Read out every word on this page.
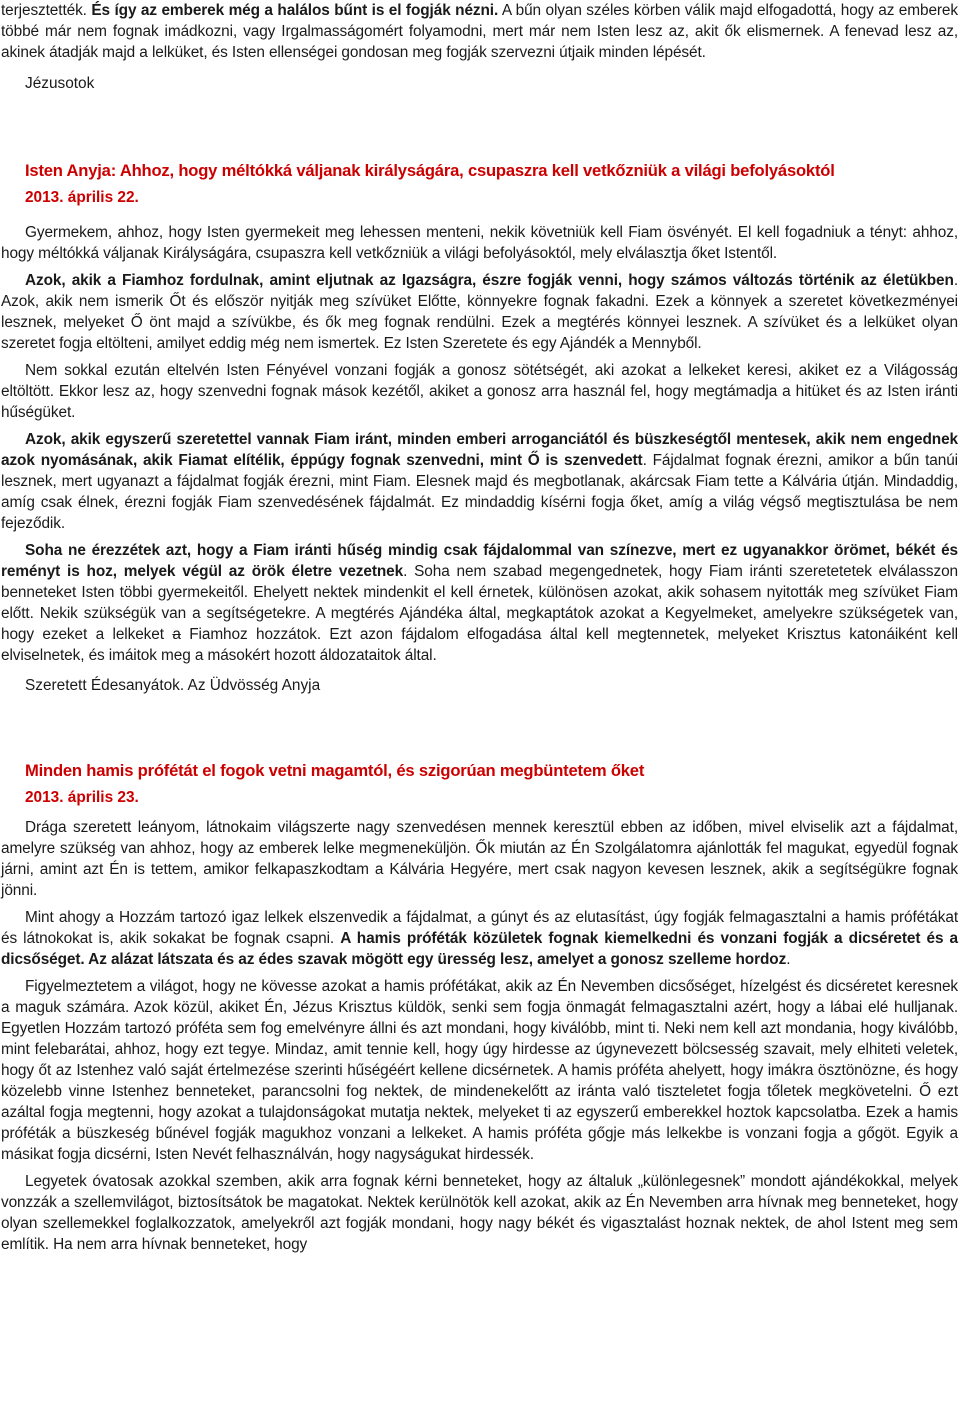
terjesztették. És így az emberek még a halálos bűnt is el fogják nézni. A bűn olyan széles körben válik majd elfogadottá, hogy az emberek többé már nem fognak imádkozni, vagy Irgalmasságomért folyamodni, mert már nem Isten lesz az, akit ők elismernek. A fenevad lesz az, akinek átadják majd a lelküket, és Isten ellenségei gondosan meg fogják szervezni útjaik minden lépését.

Jézusotok
Isten Anyja: Ahhoz, hogy méltókká váljanak királyságára, csupaszra kell vetkőzniük a világi befolyásoktól
2013. április 22.

Gyermekem, ahhoz, hogy Isten gyermekeit meg lehessen menteni, nekik követniük kell Fiam ösvényét. El kell fogadniuk a tényt: ahhoz, hogy méltókká váljanak Királyságára, csupaszra kell vetkőzniük a világi befolyásoktól, mely elválasztja őket Istentől.

Azok, akik a Fiamhoz fordulnak, amint eljutnak az Igazságra, észre fogják venni, hogy számos változás történik az életükben. Azok, akik nem ismerik Őt és először nyitják meg szívüket Előtte, könnyekre fognak fakadni. Ezek a könnyek a szeretet következményei lesznek, melyeket Ő önt majd a szívükbe, és ők meg fognak rendülni. Ezek a megtérés könnyei lesznek. A szívüket és a lelküket olyan szeretet fogja eltölteni, amilyet eddig még nem ismertek. Ez Isten Szeretete és egy Ajándék a Mennyből.

Nem sokkal ezután eltelvén Isten Fényével vonzani fogják a gonosz sötétségét, aki azokat a lelkeket keresi, akiket ez a Világosság eltöltött. Ekkor lesz az, hogy szenvedni fognak mások kezétől, akiket a gonosz arra használ fel, hogy megtámadja a hitüket és az Isten iránti hűségüket.

Azok, akik egyszerű szeretettel vannak Fiam iránt, minden emberi arroganciától és büszkeségtől mentesek, akik nem engednek azok nyomásának, akik Fiamat elítélik, éppúgy fognak szenvedni, mint Ő is szenvedett. Fájdalmat fognak érezni, amikor a bűn tanúi lesznek, mert ugyanazt a fájdalmat fogják érezni, mint Fiam. Elesnek majd és megbotlanak, akárcsak Fiam tette a Kálvária útján. Mindaddig, amíg csak élnek, érezni fogják Fiam szenvedésének fájdalmát. Ez mindaddig kísérni fogja őket, amíg a világ végső megtisztulása be nem fejeződik.

Soha ne érezzétek azt, hogy a Fiam iránti hűség mindig csak fájdalommal van színezve, mert ez ugyanakkor örömet, békét és reményt is hoz, melyek végül az örök életre vezetnek. Soha nem szabad megengednetek, hogy Fiam iránti szeretetetek elválasszon benneteket Isten többi gyermekeitől. Ehelyett nektek mindenkit el kell érnetek, különösen azokat, akik sohasem nyitották meg szívüket Fiam előtt. Nekik szükségük van a segítségetekre. A megtérés Ajándéka által, megkaptátok azokat a Kegyelmeket, amelyekre szükségetek van, hogy ezeket a lelkeket a Fiamhoz hozzátok. Ezt azon fájdalom elfogadása által kell megtennetek, melyeket Krisztus katonáiként kell elviselnetek, és imáitok meg a másokért hozott áldozataitok által.

Szeretett Édesanyátok. Az Üdvösség Anyja
Minden hamis prófétát el fogok vetni magamtól, és szigorúan megbüntetem őket
2013. április 23.

Drága szeretett leányom, látnokaim világszerte nagy szenvedésen mennek keresztül ebben az időben, mivel elviselik azt a fájdalmat, amelyre szükség van ahhoz, hogy az emberek lelke megmeneküljön. Ők miután az Én Szolgálatomra ajánlották fel magukat, egyedül fognak járni, amint azt Én is tettem, amikor felkapaszkodtam a Kálvária Hegyére, mert csak nagyon kevesen lesznek, akik a segítségükre fognak jönni.

Mint ahogy a Hozzám tartozó igaz lelkek elszenvedik a fájdalmat, a gúnyt és az elutasítást, úgy fogják felmagasztalni a hamis prófétákat és látnokokat is, akik sokakat be fognak csapni. A hamis próféták közületek fognak kiemelkedni és vonzani fogják a dicséretet és a dicsőséget. Az alázat látszata és az édes szavak mögött egy üresség lesz, amelyet a gonosz szelleme hordoz.

Figyelmeztetem a világot, hogy ne kövesse azokat a hamis prófétákat, akik az Én Nevemben dicsőséget, hízelgést és dicséretet keresnek a maguk számára. Azok közül, akiket Én, Jézus Krisztus küldök, senki sem fogja önmagát felmagasztalni azért, hogy a lábai elé hulljanak. Egyetlen Hozzám tartozó próféta sem fog emelvényre állni és azt mondani, hogy kiválóbb, mint ti. Neki nem kell azt mondania, hogy kiválóbb, mint felebarátai, ahhoz, hogy ezt tegye. Mindaz, amit tennie kell, hogy úgy hirdesse az úgynevezett bölcsesség szavait, mely elhiteti veletek, hogy őt az Istenhez való saját értelmezése szerinti hűségéért kellene dicsérnetek. A hamis próféta ahelyett, hogy imákra ösztönözne, és hogy közelebb vinne Istenhez benneteket, parancsolni fog nektek, de mindenekelőtt az iránta való tiszteletet fogja tőletek megkövetelni. Ő ezt azáltal fogja megtenni, hogy azokat a tulajdonságokat mutatja nektek, melyeket ti az egyszerű emberekkel hoztok kapcsolatba. Ezek a hamis próféták a büszkeség bűnével fogják magukhoz vonzani a lelkeket. A hamis próféta gőgje más lelkekbe is vonzani fogja a gőgöt. Egyik a másikat fogja dicsérni, Isten Nevét felhasználván, hogy nagyságukat hirdessék.

Legyetek óvatosak azokkal szemben, akik arra fognak kérni benneteket, hogy az általuk „különlegesnek” mondott ajándékokkal, melyek vonzzák a szellemvilágot, biztosítsátok be magatokat. Nektek kerülnötök kell azokat, akik az Én Nevemben arra hívnak meg benneteket, hogy olyan szellemekkel foglalkozzatok, amelyekről azt fogják mondani, hogy nagy békét és vigasztalást hoznak nektek, de ahol Istent meg sem említik. Ha nem arra hívnak benneteket, hogy
